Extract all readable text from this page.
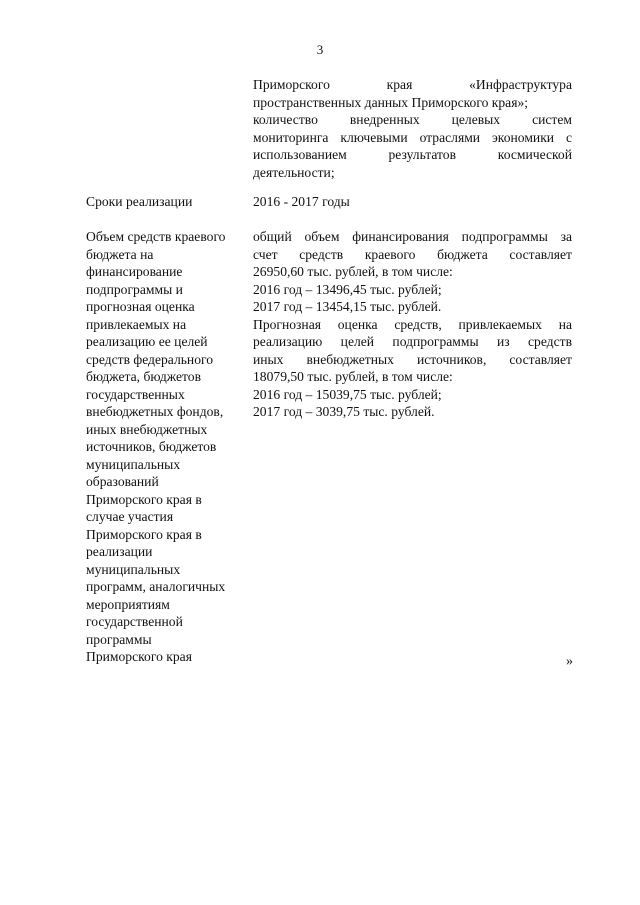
3
Приморского края «Инфраструктура
пространственных данных Приморского края»;
количество внедренных целевых систем
мониторинга ключевыми отраслями экономики с
использованием результатов космической
деятельности;
Сроки реализации	2016 - 2017 годы
Объем средств краевого
бюджета на
финансирование
подпрограммы и
прогнозная оценка
привлекаемых на
реализацию ее целей
средств федерального
бюджета, бюджетов
государственных
внебюджетных фондов,
иных внебюджетных
источников, бюджетов
муниципальных
образований
Приморского края в
случае участия
Приморского края в
реализации
муниципальных
программ, аналогичных
мероприятиям
государственной
программы
Приморского края
общий объем финансирования подпрограммы за
счет средств краевого бюджета составляет
26950,60 тыс. рублей, в том числе:
2016 год – 13496,45 тыс. рублей;
2017 год – 13454,15 тыс. рублей.
Прогнозная оценка средств, привлекаемых на
реализацию целей подпрограммы из средств
иных внебюджетных источников, составляет
18079,50 тыс. рублей, в том числе:
2016 год – 15039,75 тыс. рублей;
2017 год – 3039,75 тыс. рублей.
»
